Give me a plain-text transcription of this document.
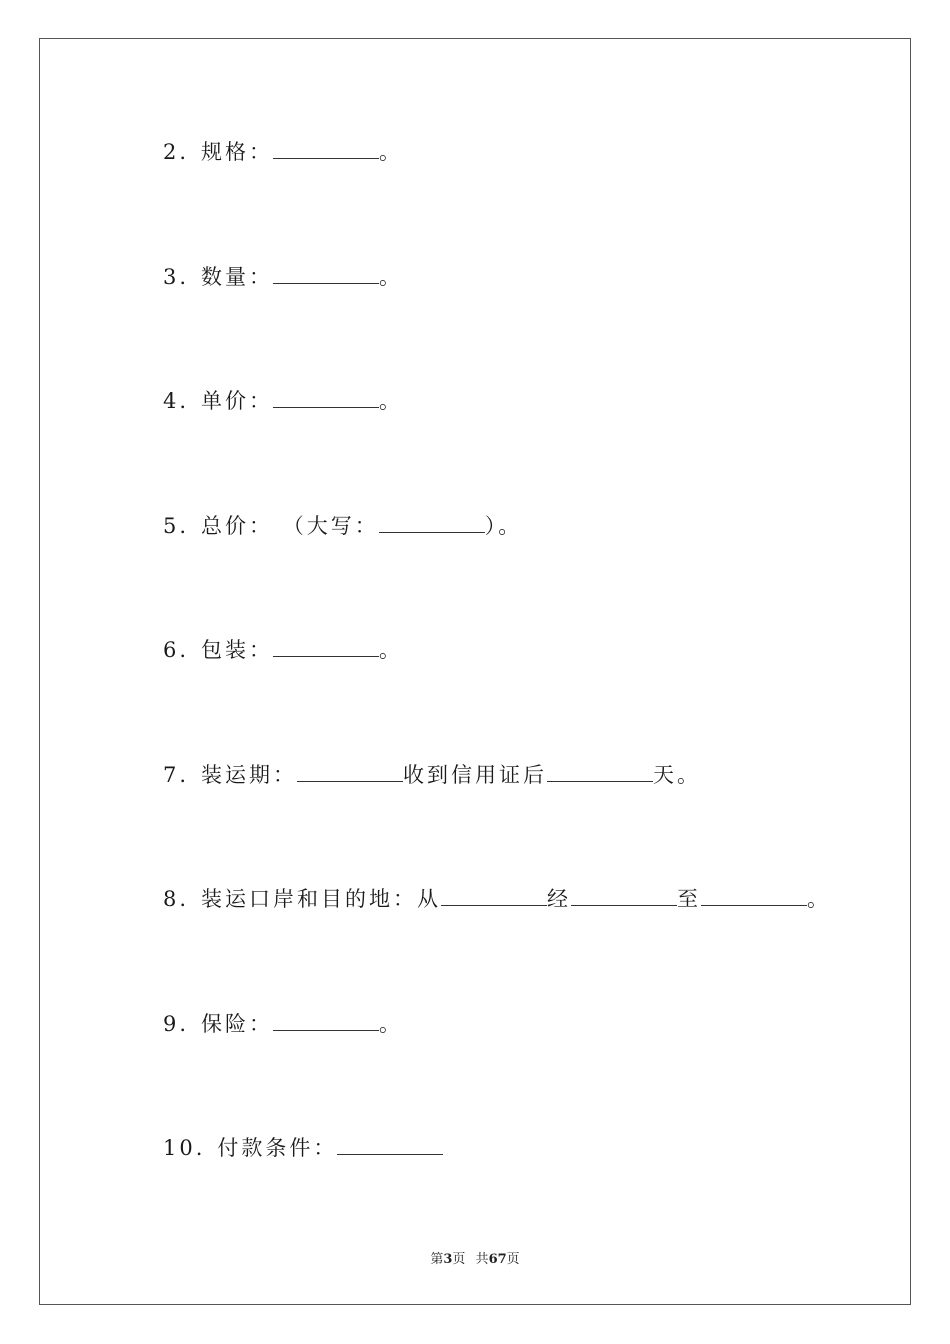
2. 规格：	。
3. 数量：	。
4. 单价：	。
5. 总价： （大写：	）。
6. 包装：	。
7. 装运期：	收到信用证后	天。
8. 装运口岸和目的地：从	经	至	。
9. 保险：	。
10. 付款条件：
第3页 共67页
